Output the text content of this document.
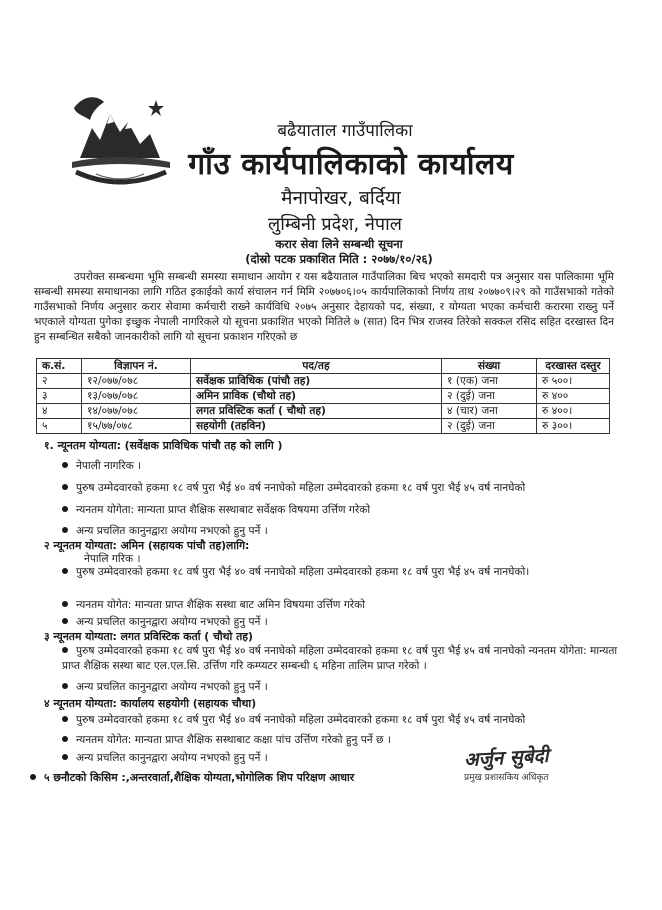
बढैयाताल गाउँपालिका
गाँउ कार्यपालिकाको कार्यालय
मैनापोखर, बर्दिया
लुम्बिनी प्रदेश, नेपाल
करार सेवा लिने सम्बन्धी सूचना
(दोस्रो पटक प्रकाशित मिति : २०७७/१०/२६)

उपरोक्त सम्बन्धमा भूमि सम्बन्धी समस्या समाधान आयोग र यस बढैयाताल गाउँपालिका बिच भएको समदारी पत्र अनुसार यस पालिकामा भूमि सम्बन्धी समस्या समाधानका लागि गठित इकाईको कार्य संचालन गर्न मिमि २०७७०६।०५ कार्यपालिकाको निर्णय ताथ २०७७०९।२९ को गाउँसभाको गतेको गाउँसभाको निर्णय अनुसार करार सेवामा कर्मचारी राख्ने कार्यविधि २०७५ अनुसार देहायको पद, संख्या, र योग्यता भएका कर्मचारी करारमा राख्नु पर्ने भएकाले योग्यता पुगेका इच्छुक नेपाली नागरिकले यो सूचना प्रकाशित भएको मितिले ७ (सात) दिन भित्र राजस्व तिरेको सक्कल रसिद सहित दरखास्त दिन हुन सम्बन्धित सबैको जानकारीको लागि यो सूचना प्रकाशन गरिएको छ

क.सं.	विज्ञापन नं.	पद/तह	संख्या	दरखास्त दस्तुर
२	१२/०७७/०७८	सर्वेक्षक प्राविधिक (पांचौ तह)	१ (एक) जना	रु ५००।
३	१३/०७७/०७८	अमिन प्राविक (चौथो तह)	२ (दुई) जना	रु ४००
४	१४/०७७/०७८	लगत प्रविस्टिक कर्ता ( चौथो तह)	४ (चार) जना	रु ४००।
५	१५/७७/०७८	सहयोगी (तहविन)	२ (दुई) जना	रु ३००।
१. न्यूनतम योग्यता: (सर्वेक्षक प्राविधिक पांचौ तह को लागि )
नेपाली नागरिक ।
पुरुष उम्मेदवारको हकमा १८ वर्ष पुरा भैई ४० वर्ष ननाघेको महिला उम्मेदवारको हकमा १८ वर्ष पुरा भैई ४५ वर्ष नानघेको
न्यनतम योगेता: मान्यता प्राप्त शैक्षिक सस्थाबाट सर्वेक्षक विषयमा उर्त्तिण गरेको
अन्य प्रचलित कानुनद्वारा अयोग्य नभएको हुनु पर्ने ।
२ न्यूनतम योग्यता: अमिन (सहायक पांचौ तह)लागि:
नेपालि गरिक ।
पुरुष उम्मेदवारको हकमा १८ वर्ष पुरा भैई ४० वर्ष ननाघेको महिला उम्मेदवारको हकमा १८ वर्ष पुरा भैई ४५ वर्ष नानघेको।
न्यनतम योगेत: मान्यता प्राप्त शैक्षिक सस्था बाट अमिन विषयमा उर्त्तिण गरेको
अन्य प्रचलित कानुनद्वारा अयोग्य नभएको हुनु पर्ने ।
३ न्यूनतम योग्यता: लगत प्रविस्टिक कर्ता ( चौथो तह)
पुरुष उम्मेदवारको हकमा १८ वर्ष पुरा भैई ४० वर्ष ननाघेको महिला उम्मेदवारको हकमा १८ वर्ष पुरा भैई ४५ वर्ष नानघेको न्यनतम योगेता: मान्यता प्राप्त शैक्षिक सस्था बाट एल.एल.सि. उर्त्तिण गरि कम्प्यटर सम्बन्धी ६ महिना तालिम प्राप्त गरेको ।
अन्य प्रचलित कानुनद्वारा अयोग्य नभएको हुनु पर्ने ।
४ न्यूनतम योग्यता: कार्यालय सहयोगी (सहायक चौथा)
पुरुष उम्मेदवारको हकमा १८ वर्ष पुरा भैई ४० वर्ष ननाघेको महिला उम्मेदवारको हकमा १८ वर्ष पुरा भैई ४५ वर्ष नानघेको
न्यनतम योगेत: मान्यता प्राप्त शैक्षिक सस्थाबाट कक्षा पांच उर्त्तिण गरेको हुनु पर्ने छ ।
अन्य प्रचलित कानुनद्वारा अयोग्य नभएको हुनु पर्ने ।
५ छनौटको किसिम :,अन्तरवार्ता,शैक्षिक योग्यता,भोगोलिक शिप परिक्षण आधार
अर्जुन सुबेदी
प्रमुख प्रशासकिय अधिकृत
